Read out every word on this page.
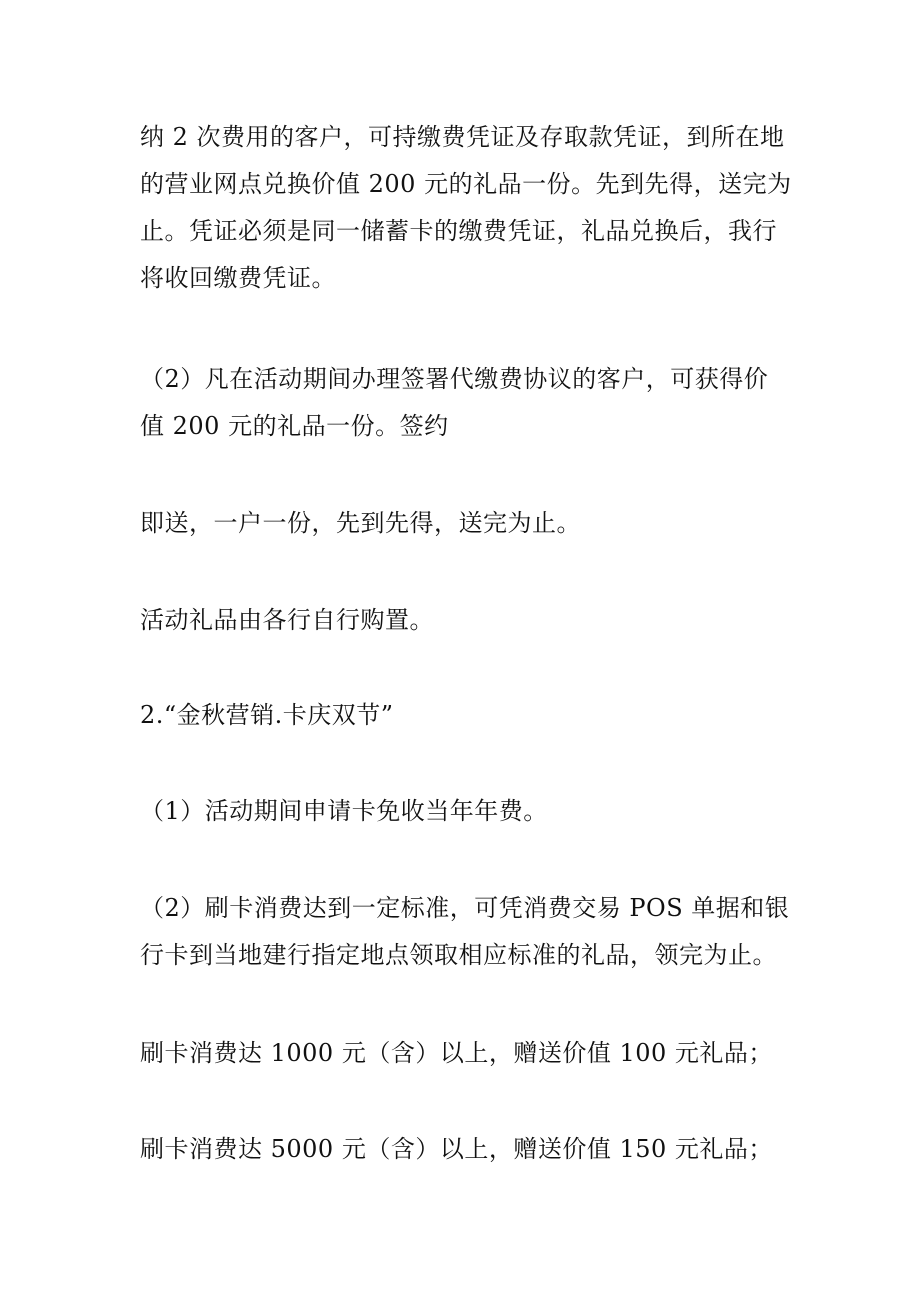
纳 2 次费用的客户，可持缴费凭证及存取款凭证，到所在地
的营业网点兑换价值 200 元的礼品一份。先到先得，送完为
止。凭证必须是同一储蓄卡的缴费凭证，礼品兑换后，我行
将收回缴费凭证。

（2）凡在活动期间办理签署代缴费协议的客户，可获得价
值 200 元的礼品一份。签约

即送，一户一份，先到先得，送完为止。

活动礼品由各行自行购置。

2.“金秋营销.卡庆双节”

（1）活动期间申请卡免收当年年费。

（2）刷卡消费达到一定标准，可凭消费交易 POS 单据和银
行卡到当地建行指定地点领取相应标准的礼品，领完为止。

刷卡消费达 1000 元（含）以上，赠送价值 100 元礼品；

刷卡消费达 5000 元（含）以上，赠送价值 150 元礼品；
